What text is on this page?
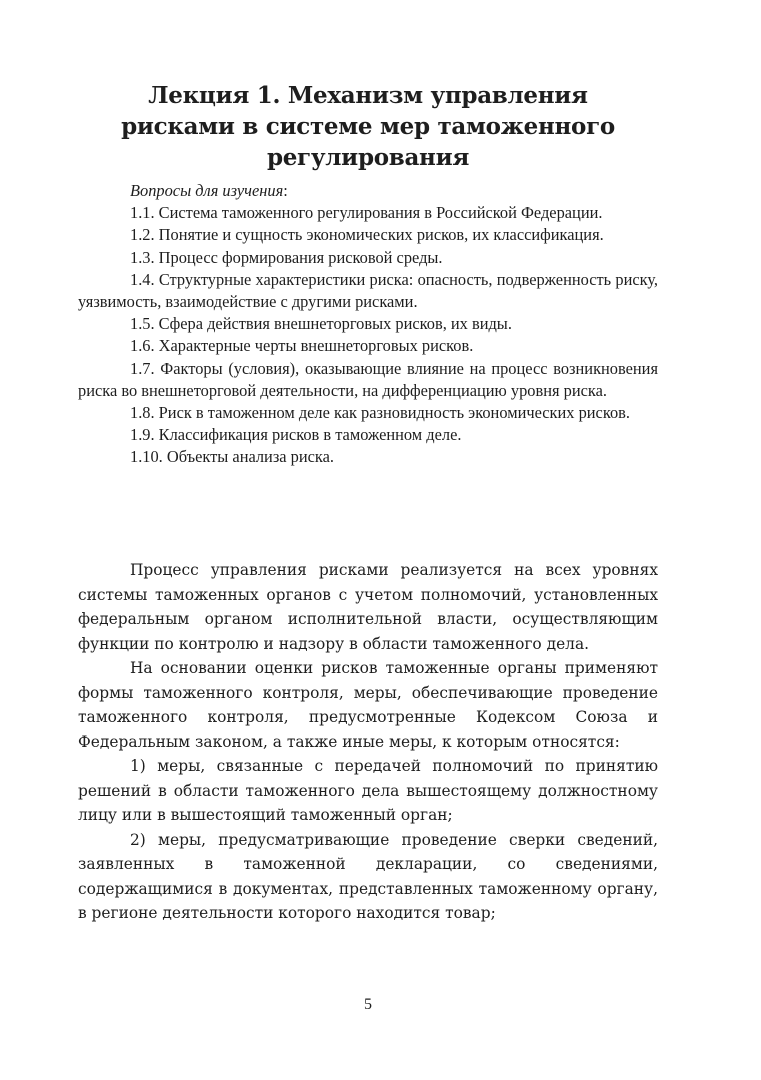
Лекция 1. Механизм управления
рисками в системе мер таможенного
регулирования
Вопросы для изучения:

1.1. Система таможенного регулирования в Российской Федерации.

1.2. Понятие и сущность экономических рисков, их классификация.

1.3. Процесс формирования рисковой среды.

1.4. Структурные характеристики риска: опасность, подверженность риску, уязвимость, взаимодействие с другими рисками.

1.5. Сфера действия внешнеторговых рисков, их виды.

1.6. Характерные черты внешнеторговых рисков.

1.7. Факторы (условия), оказывающие влияние на процесс возникновения риска во внешнеторговой деятельности, на дифференциацию уровня риска.

1.8. Риск в таможенном деле как разновидность экономических рисков.

1.9. Классификация рисков в таможенном деле.

1.10. Объекты анализа риска.

Процесс управления рисками реализуется на всех уровнях системы таможенных органов с учетом полномочий, установленных федеральным органом исполнительной власти, осуществляющим функции по контролю и надзору в области таможенного дела.

На основании оценки рисков таможенные органы применяют формы таможенного контроля, меры, обеспечивающие проведение таможенного контроля, предусмотренные Кодексом Союза и Федеральным законом, а также иные меры, к которым относятся:

1) меры, связанные с передачей полномочий по принятию решений в области таможенного дела вышестоящему должностному лицу или в вышестоящий таможенный орган;

2) меры, предусматривающие проведение сверки сведений, заявленных в таможенной декларации, со сведениями, содержащимися в документах, представленных таможенному органу, в регионе деятельности которого находится товар;

5
